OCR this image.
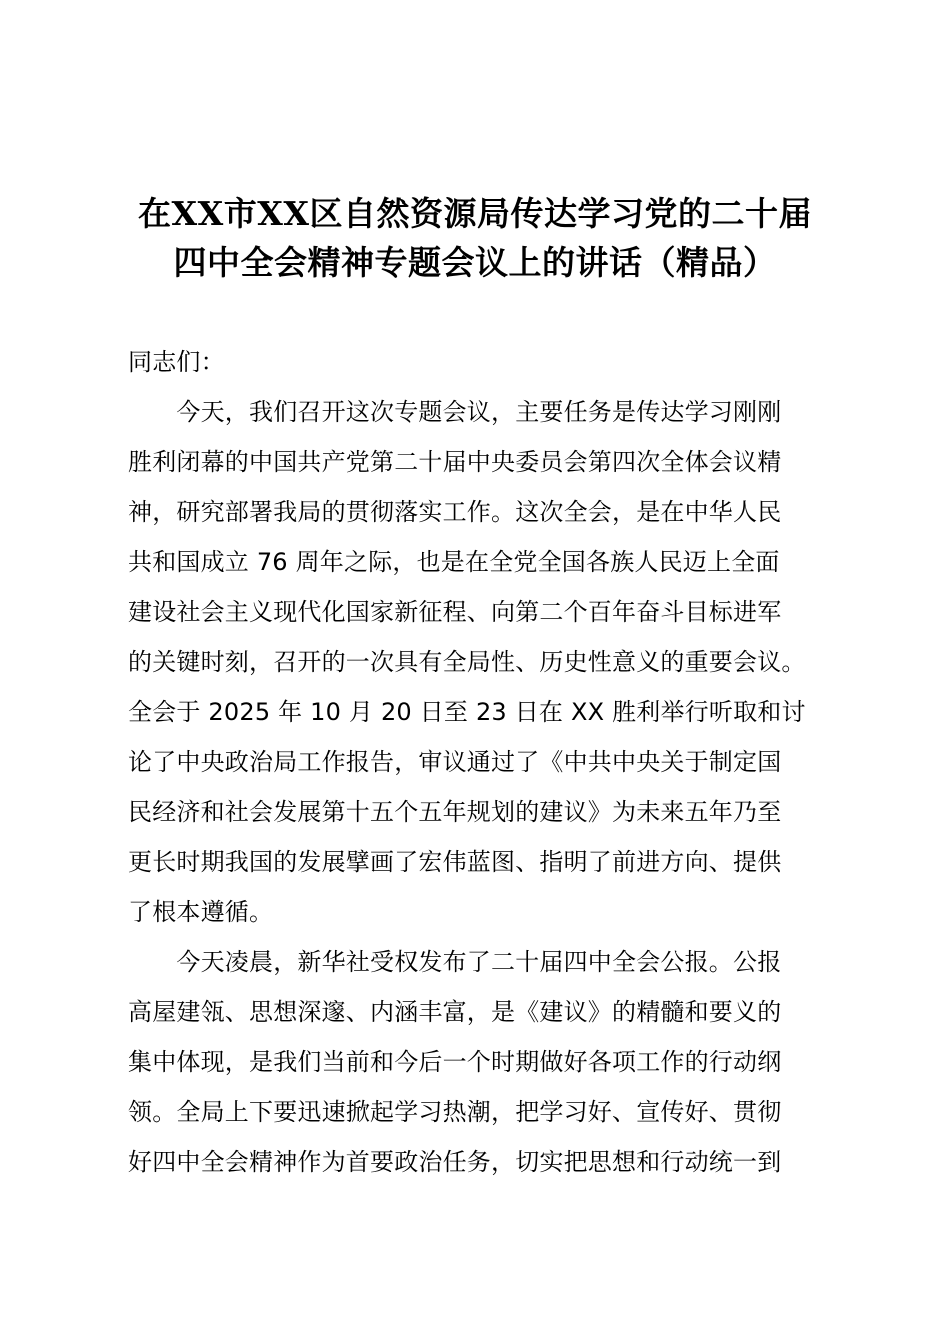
在XX市XX区自然资源局传达学习党的二十届
四中全会精神专题会议上的讲话（精品）

同志们：

　　今天，我们召开这次专题会议，主要任务是传达学习刚刚

胜利闭幕的中国共产党第二十届中央委员会第四次全体会议精

神，研究部署我局的贯彻落实工作。这次全会，是在中华人民

共和国成立 76 周年之际，也是在全党全国各族人民迈上全面

建设社会主义现代化国家新征程、向第二个百年奋斗目标进军

的关键时刻，召开的一次具有全局性、历史性意义的重要会议。

全会于 2025 年 10 月 20 日至 23 日在 XX 胜利举行听取和讨

论了中央政治局工作报告，审议通过了《中共中央关于制定国

民经济和社会发展第十五个五年规划的建议》为未来五年乃至

更长时期我国的发展擘画了宏伟蓝图、指明了前进方向、提供

了根本遵循。

　　今天凌晨，新华社受权发布了二十届四中全会公报。公报

高屋建瓴、思想深邃、内涵丰富，是《建议》的精髓和要义的

集中体现，是我们当前和今后一个时期做好各项工作的行动纲

领。全局上下要迅速掀起学习热潮，把学习好、宣传好、贯彻

好四中全会精神作为首要政治任务，切实把思想和行动统一到
